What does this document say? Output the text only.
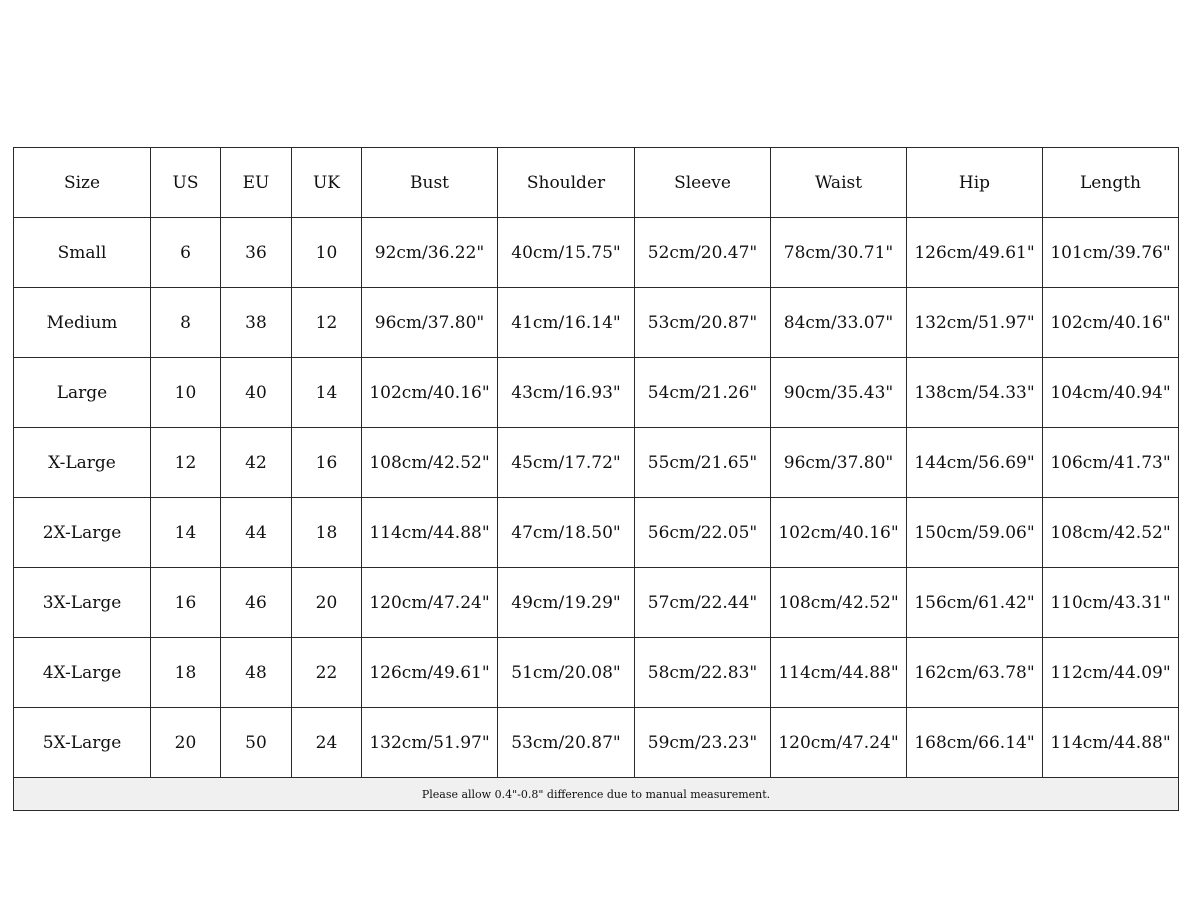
Size	US	EU	UK	Bust	Shoulder	Sleeve	Waist	Hip	Length
Small	6	36	10	92cm/36.22"	40cm/15.75"	52cm/20.47"	78cm/30.71"	126cm/49.61"	101cm/39.76"
Medium	8	38	12	96cm/37.80"	41cm/16.14"	53cm/20.87"	84cm/33.07"	132cm/51.97"	102cm/40.16"
Large	10	40	14	102cm/40.16"	43cm/16.93"	54cm/21.26"	90cm/35.43"	138cm/54.33"	104cm/40.94"
X-Large	12	42	16	108cm/42.52"	45cm/17.72"	55cm/21.65"	96cm/37.80"	144cm/56.69"	106cm/41.73"
2X-Large	14	44	18	114cm/44.88"	47cm/18.50"	56cm/22.05"	102cm/40.16"	150cm/59.06"	108cm/42.52"
3X-Large	16	46	20	120cm/47.24"	49cm/19.29"	57cm/22.44"	108cm/42.52"	156cm/61.42"	110cm/43.31"
4X-Large	18	48	22	126cm/49.61"	51cm/20.08"	58cm/22.83"	114cm/44.88"	162cm/63.78"	112cm/44.09"
5X-Large	20	50	24	132cm/51.97"	53cm/20.87"	59cm/23.23"	120cm/47.24"	168cm/66.14"	114cm/44.88"
Please allow 0.4"-0.8" difference due to manual measurement.									
